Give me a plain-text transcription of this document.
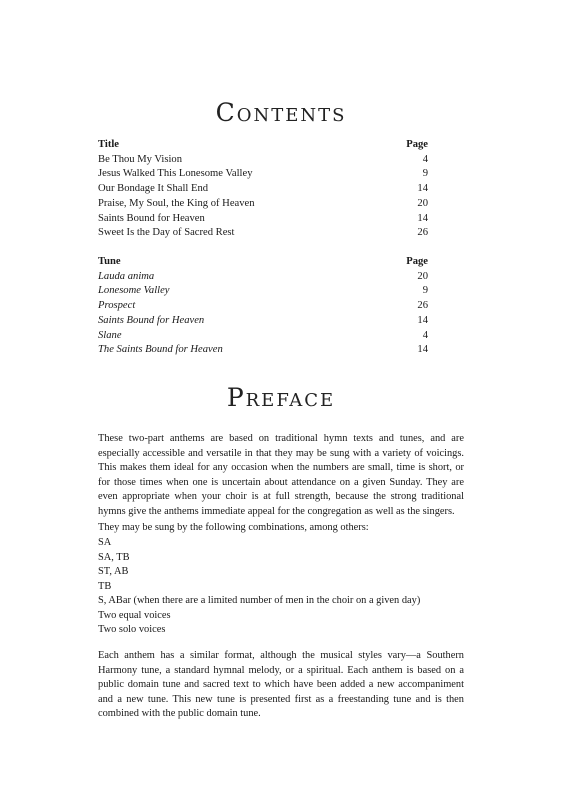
Contents
Title	Page
Be Thou My Vision	4
Jesus Walked This Lonesome Valley	9
Our Bondage It Shall End	14
Praise, My Soul, the King of Heaven	20
Saints Bound for Heaven	14
Sweet Is the Day of Sacred Rest	26
Tune	Page
Lauda anima	20
Lonesome Valley	9
Prospect	26
Saints Bound for Heaven	14
Slane	4
The Saints Bound for Heaven	14
Preface

These two-part anthems are based on traditional hymn texts and tunes, and are especially accessible and versatile in that they may be sung with a variety of voicings. This makes them ideal for any occasion when the numbers are small, time is short, or for those times when one is uncertain about attendance on a given Sunday. They are even appropriate when your choir is at full strength, because the strong traditional hymns give the anthems immediate appeal for the congregation as well as the singers.

They may be sung by the following combinations, among others:

SA
SA, TB
ST, AB
TB
S, ABar (when there are a limited number of men in the choir on a given day)
Two equal voices
Two solo voices

Each anthem has a similar format, although the musical styles vary—a Southern Harmony tune, a standard hymnal melody, or a spiritual. Each anthem is based on a public domain tune and sacred text to which have been added a new accompaniment and a new tune. This new tune is presented first as a freestanding tune and is then combined with the public domain tune.
